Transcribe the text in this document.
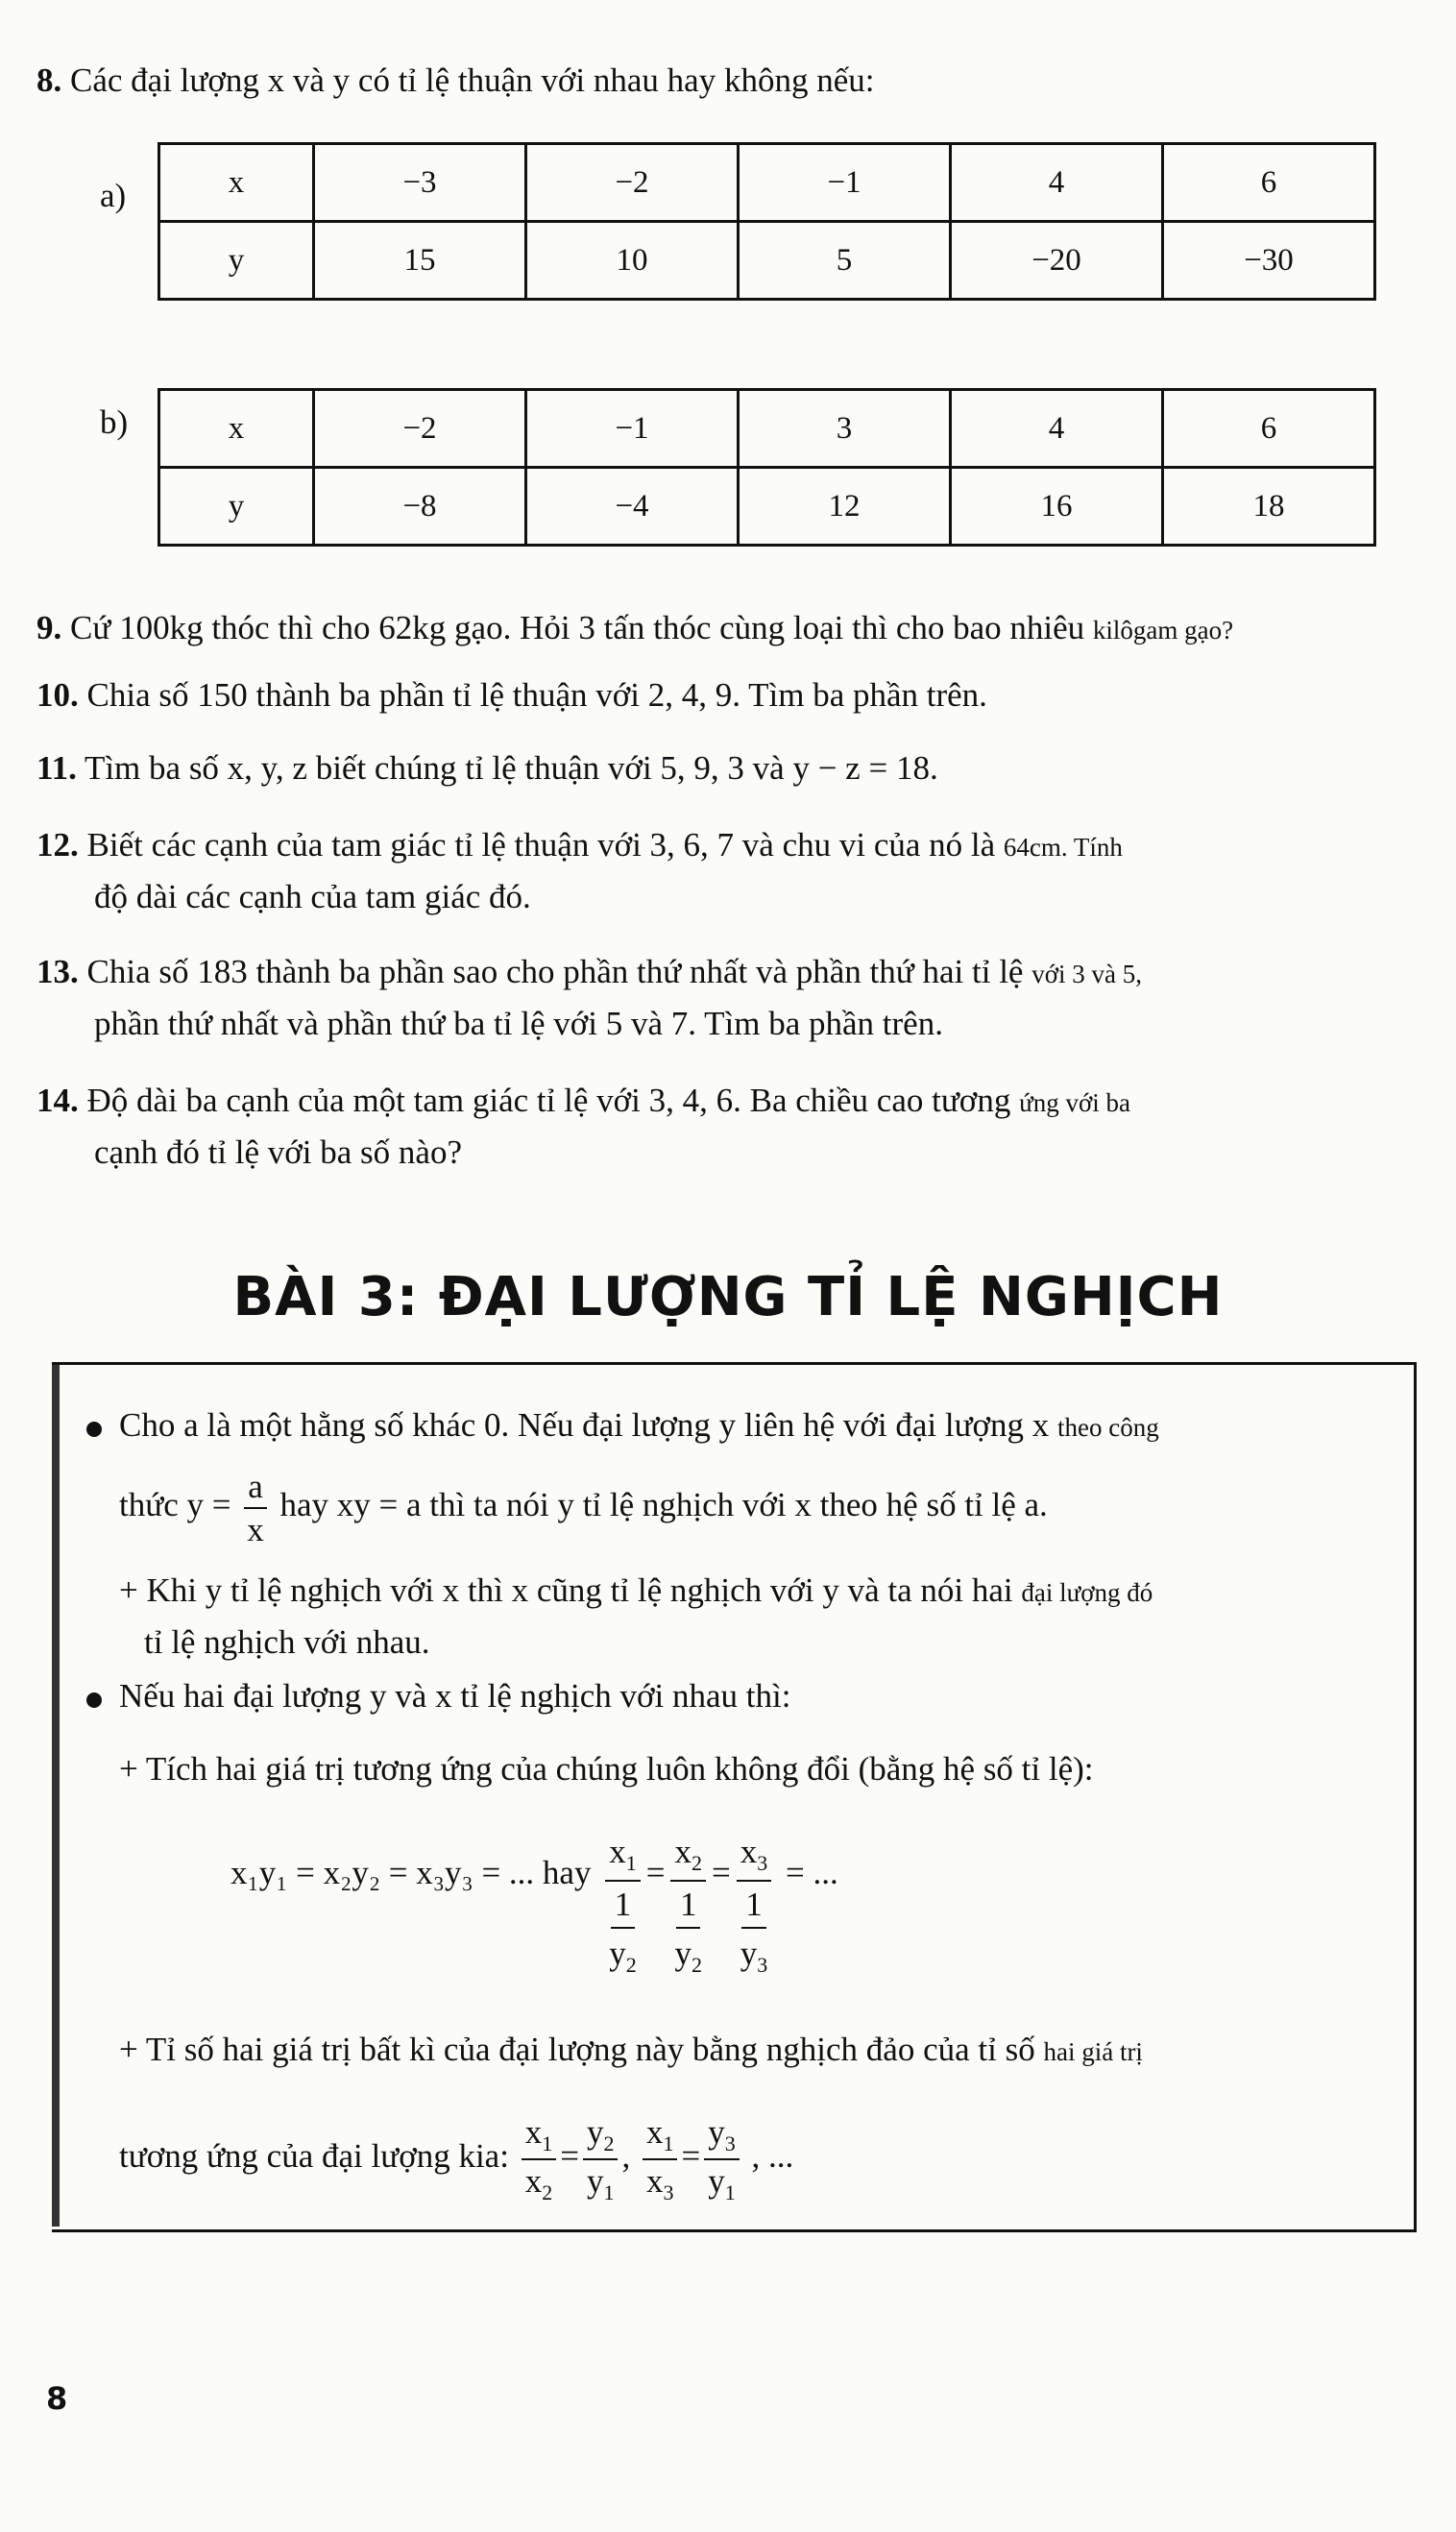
8. Các đại lượng x và y có tỉ lệ thuận với nhau hay không nếu:
a)	x	−3	−2	−1	4	6
y	15	10	5	−20	−30
b)	x	−2	−1	3	4	6
y	−8	−4	12	16	18
9. Cứ 100kg thóc thì cho 62kg gạo. Hỏi 3 tấn thóc cùng loại thì cho bao nhiêu kilôgam gạo?
10. Chia số 150 thành ba phần tỉ lệ thuận với 2, 4, 9. Tìm ba phần trên.
11. Tìm ba số x, y, z biết chúng tỉ lệ thuận với 5, 9, 3 và y − z = 18.
12. Biết các cạnh của tam giác tỉ lệ thuận với 3, 6, 7 và chu vi của nó là 64cm. Tính
độ dài các cạnh của tam giác đó.
13. Chia số 183 thành ba phần sao cho phần thứ nhất và phần thứ hai tỉ lệ với 3 và 5,
phần thứ nhất và phần thứ ba tỉ lệ với 5 và 7. Tìm ba phần trên.
14. Độ dài ba cạnh của một tam giác tỉ lệ với 3, 4, 6. Ba chiều cao tương ứng với ba
cạnh đó tỉ lệ với ba số nào?
BÀI 3: ĐẠI LƯỢNG TỈ LỆ NGHỊCH
Cho a là một hằng số khác 0. Nếu đại lượng y liên hệ với đại lượng x theo công
thức $y = \frac{a}{x}$ hay xy = a thì ta nói y tỉ lệ nghịch với x theo hệ số tỉ lệ a.
+ Khi y tỉ lệ nghịch với x thì x cũng tỉ lệ nghịch với y và ta nói hai đại lượng đó
tỉ lệ nghịch với nhau.
Nếu hai đại lượng y và x tỉ lệ nghịch với nhau thì:
+ Tích hai giá trị tương ứng của chúng luôn không đổi (bằng hệ số tỉ lệ):
x₁y₁ = x₂y₂ = x₃y₃ = ... hay
$x_1$
1
$y_2$
=
$x_2$
1
$y_2$
=
$x_3$
1
$y_3$
= ...
+ Tỉ số hai giá trị bất kì của đại lượng này bằng nghịch đảo của tỉ số hai giá trị
tương ứng của đại lượng kia: $\frac{x_1}{x_2} = \frac{y_2}{y_1}$ , $\frac{x_1}{x_3} = \frac{y_3}{y_1}$ , ...
8
